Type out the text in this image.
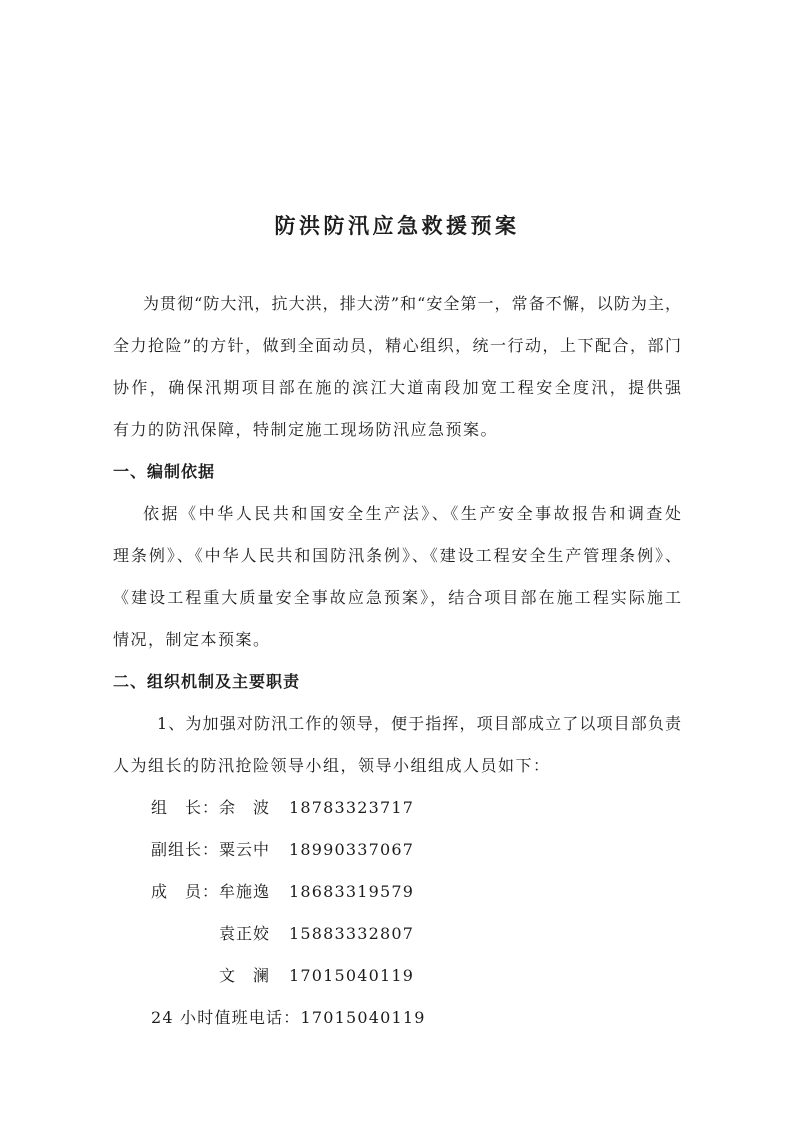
防洪防汛应急救援预案
为贯彻“防大汛，抗大洪，排大涝”和“安全第一，常备不懈，以防为主，
全力抢险”的方针，做到全面动员，精心组织，统一行动，上下配合，部门
协作，确保汛期项目部在施的滨江大道南段加宽工程安全度汛，提供强
有力的防汛保障，特制定施工现场防汛应急预案。
一、编制依据
依据《中华人民共和国安全生产法》、《生产安全事故报告和调查处
理条例》、《中华人民共和国防汛条例》、《建设工程安全生产管理条例》、
《建设工程重大质量安全事故应急预案》，结合项目部在施工程实际施工
情况，制定本预案。
二、组织机制及主要职责
1、为加强对防汛工作的领导，便于指挥，项目部成立了以项目部负责
人为组长的防汛抢险领导小组，领导小组组成人员如下：
组　长：余　波 18783323717
副组长：粟云中 18990337067
成　员：牟施逸 18683319579
袁正姣 15883332807
文　澜 17015040119
24 小时值班电话：17015040119
